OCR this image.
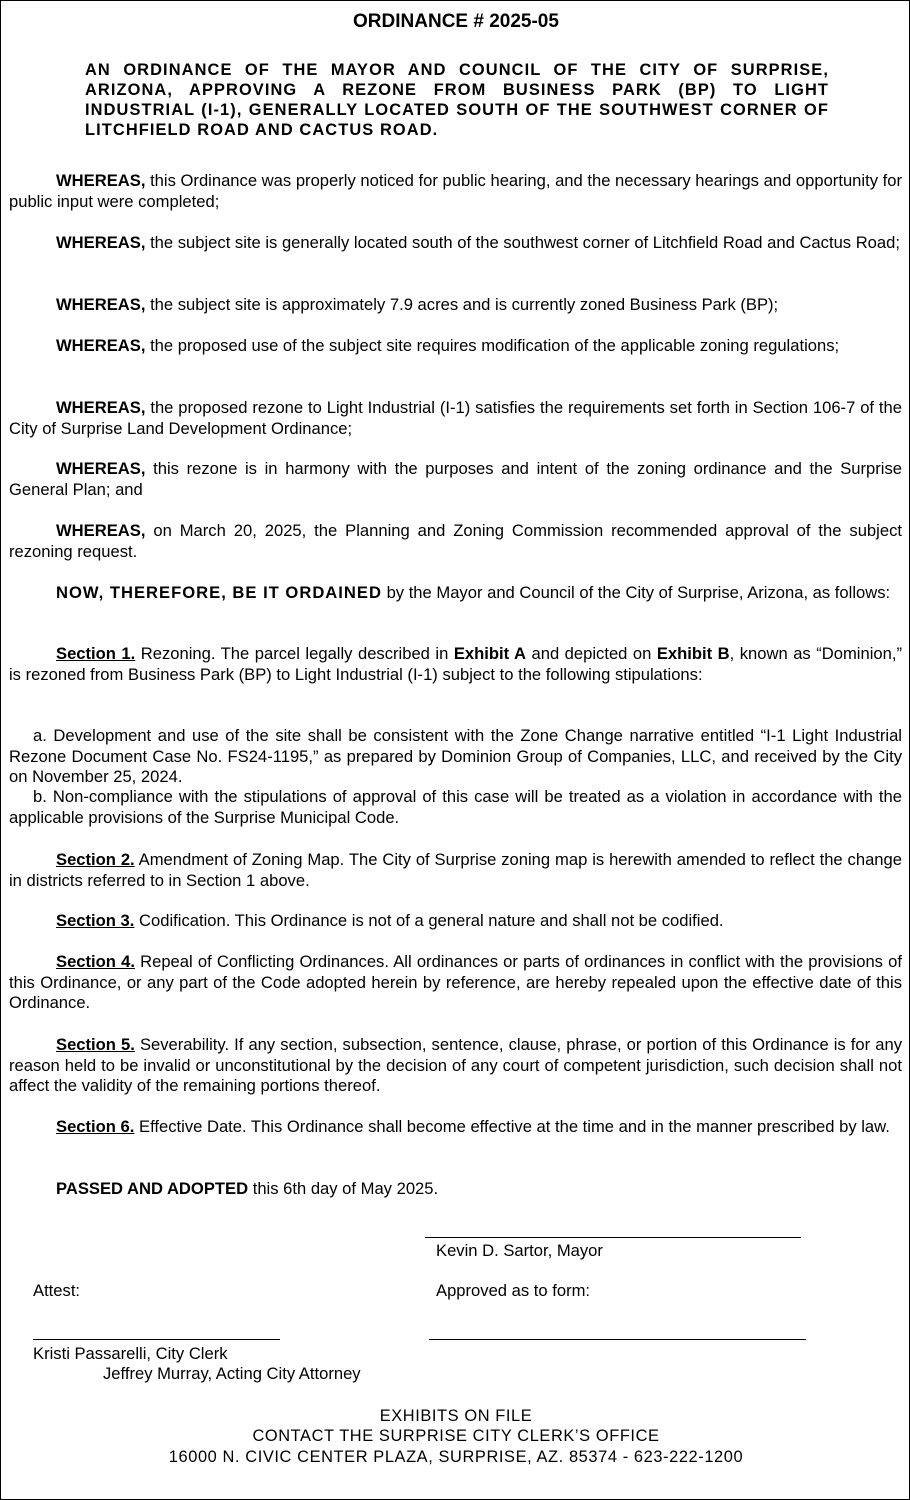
ORDINANCE # 2025-05
AN ORDINANCE OF THE MAYOR AND COUNCIL OF THE CITY OF SURPRISE, ARIZONA, APPROVING A REZONE FROM BUSINESS PARK (BP) TO LIGHT INDUSTRIAL (I-1), GENERALLY LOCATED SOUTH OF THE SOUTHWEST CORNER OF LITCHFIELD ROAD AND CACTUS ROAD.
WHEREAS, this Ordinance was properly noticed for public hearing, and the necessary hearings and opportunity for public input were completed;
WHEREAS, the subject site is generally located south of the southwest corner of Litchfield Road and Cactus Road;
WHEREAS, the subject site is approximately 7.9 acres and is currently zoned Business Park (BP);
WHEREAS, the proposed use of the subject site requires modification of the applicable zoning regulations;
WHEREAS, the proposed rezone to Light Industrial (I-1) satisfies the requirements set forth in Section 106-7 of the City of Surprise Land Development Ordinance;
WHEREAS, this rezone is in harmony with the purposes and intent of the zoning ordinance and the Surprise General Plan; and
WHEREAS, on March 20, 2025, the Planning and Zoning Commission recommended approval of the subject rezoning request.
NOW, THEREFORE, BE IT ORDAINED by the Mayor and Council of the City of Surprise, Arizona, as follows:
Section 1. Rezoning. The parcel legally described in Exhibit A and depicted on Exhibit B, known as “Dominion,” is rezoned from Business Park (BP) to Light Industrial (I-1) subject to the following stipulations:
a. Development and use of the site shall be consistent with the Zone Change narrative entitled “I-1 Light Industrial Rezone Document Case No. FS24-1195,” as prepared by Dominion Group of Companies, LLC, and received by the City on November 25, 2024.
b. Non-compliance with the stipulations of approval of this case will be treated as a violation in accordance with the applicable provisions of the Surprise Municipal Code.
Section 2. Amendment of Zoning Map. The City of Surprise zoning map is herewith amended to reflect the change in districts referred to in Section 1 above.
Section 3. Codification. This Ordinance is not of a general nature and shall not be codified.
Section 4. Repeal of Conflicting Ordinances. All ordinances or parts of ordinances in conflict with the provisions of this Ordinance, or any part of the Code adopted herein by reference, are hereby repealed upon the effective date of this Ordinance.
Section 5. Severability. If any section, subsection, sentence, clause, phrase, or portion of this Ordinance is for any reason held to be invalid or unconstitutional by the decision of any court of competent jurisdiction, such decision shall not affect the validity of the remaining portions thereof.
Section 6. Effective Date. This Ordinance shall become effective at the time and in the manner prescribed by law.
PASSED AND ADOPTED this 6th day of May 2025.
Kevin D. Sartor, Mayor
Attest:	Approved as to form:
Kristi Passarelli, City Clerk
Jeffrey Murray, Acting City Attorney
EXHIBITS ON FILE
CONTACT THE SURPRISE CITY CLERK’S OFFICE
16000 N. CIVIC CENTER PLAZA, SURPRISE, AZ. 85374 - 623-222-1200
